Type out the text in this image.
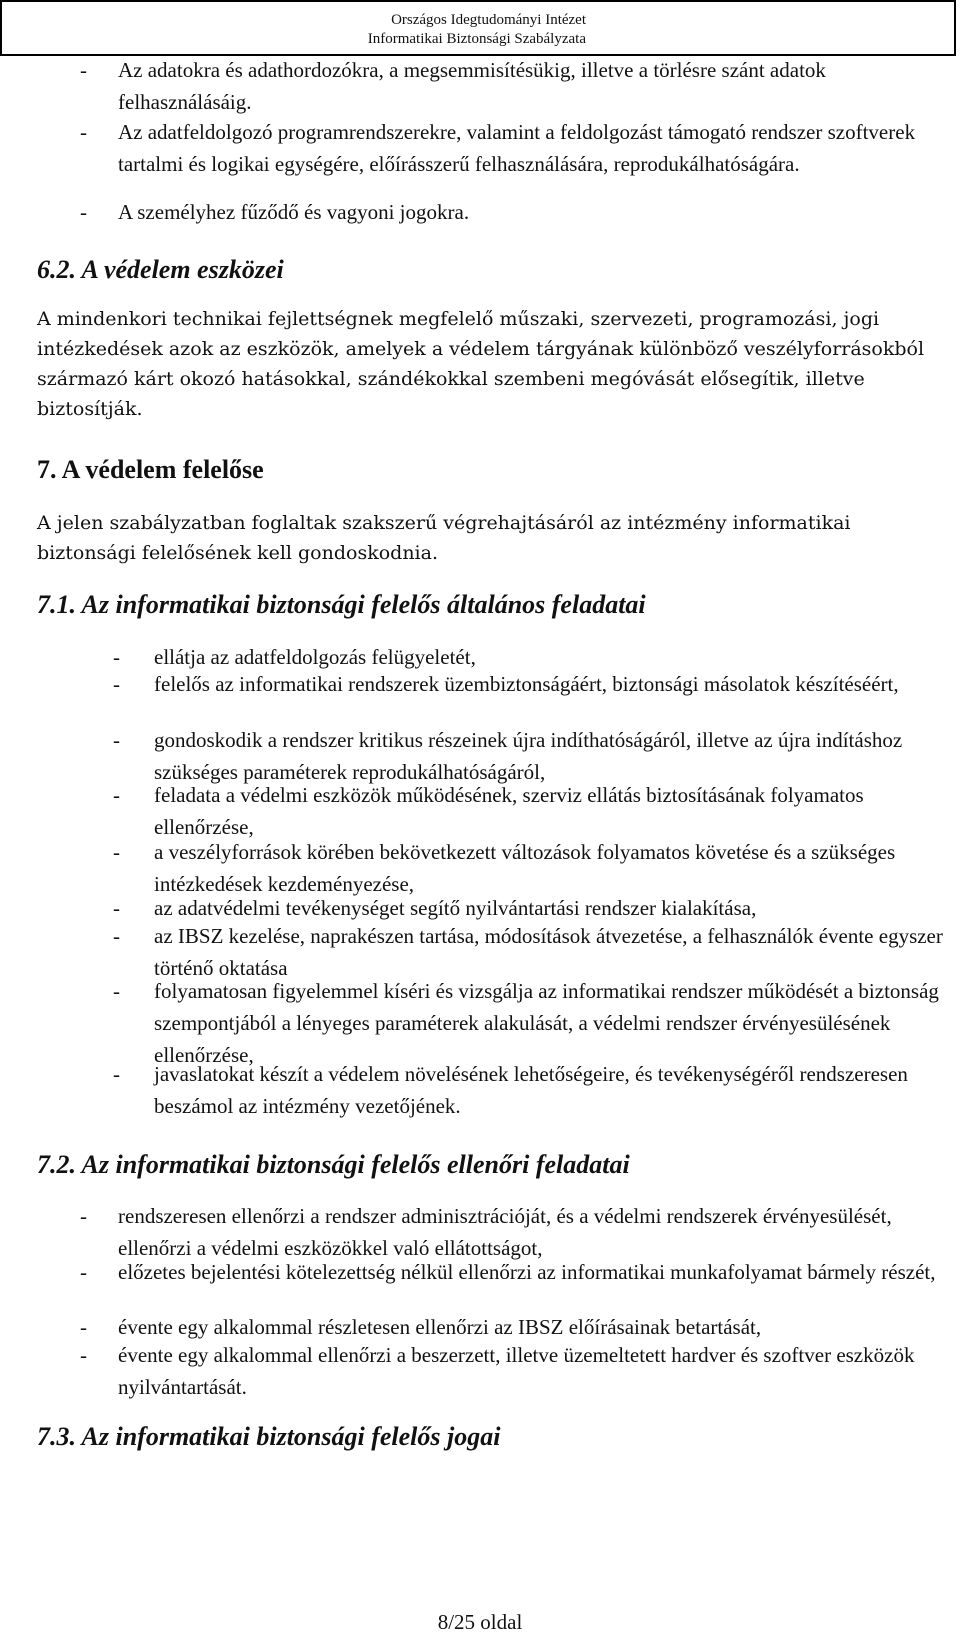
Országos Idegtudományi Intézet
Informatikai Biztonsági Szabályzata
- Az adatokra és adathordozókra, a megsemmisítésükig, illetve a törlésre szánt adatok felhasználásáig.
- Az adatfeldolgozó programrendszerekre, valamint a feldolgozást támogató rendszer szoftverek tartalmi és logikai egységére, előírásszerű felhasználására, reprodukálhatóságára.
- A személyhez fűződő és vagyoni jogokra.
6.2. A védelem eszközei
A mindenkori technikai fejlettségnek megfelelő műszaki, szervezeti, programozási, jogi intézkedések azok az eszközök, amelyek a védelem tárgyának különböző veszélyforrásokból származó kárt okozó hatásokkal, szándékokkal szembeni megóvását elősegítik, illetve biztosítják.
7. A védelem felelőse
A jelen szabályzatban foglaltak szakszerű végrehajtásáról az intézmény informatikai biztonsági felelősének kell gondoskodnia.
7.1. Az informatikai biztonsági felelős általános feladatai
- ellátja az adatfeldolgozás felügyeletét,
- felelős az informatikai rendszerek üzembiztonságáért, biztonsági másolatok készítéséért,
- gondoskodik a rendszer kritikus részeinek újra indíthatóságáról, illetve az újra indításhoz szükséges paraméterek reprodukálhatóságáról,
- feladata a védelmi eszközök működésének, szerviz ellátás biztosításának folyamatos ellenőrzése,
- a veszélyforrások körében bekövetkezett változások folyamatos követése és a szükséges intézkedések kezdeményezése,
- az adatvédelmi tevékenységet segítő nyilvántartási rendszer kialakítása,
- az IBSZ kezelése, naprakészen tartása, módosítások átvezetése, a felhasználók évente egyszer történő oktatása
- folyamatosan figyelemmel kíséri és vizsgálja az informatikai rendszer működését a biztonság szempontjából a lényeges paraméterek alakulását, a védelmi rendszer érvényesülésének ellenőrzése,
- javaslatokat készít a védelem növelésének lehetőségeire, és tevékenységéről rendszeresen beszámol az intézmény vezetőjének.
7.2. Az informatikai biztonsági felelős ellenőri feladatai
- rendszeresen ellenőrzi a rendszer adminisztrációját, és a védelmi rendszerek érvényesülését, ellenőrzi a védelmi eszközökkel való ellátottságot,
- előzetes bejelentési kötelezettség nélkül ellenőrzi az informatikai munkafolyamat bármely részét,
- évente egy alkalommal részletesen ellenőrzi az IBSZ előírásainak betartását,
- évente egy alkalommal ellenőrzi a beszerzett, illetve üzemeltetett hardver és szoftver eszközök nyilvántartását.
7.3. Az informatikai biztonsági felelős jogai
8/25 oldal
